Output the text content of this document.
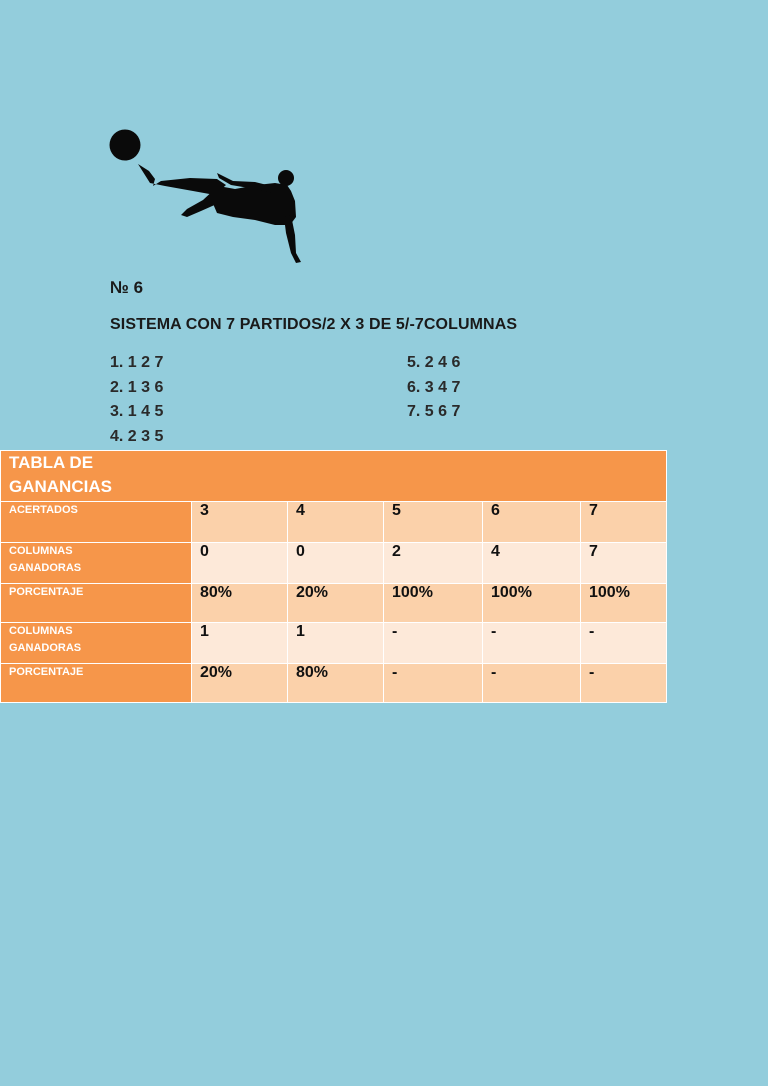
№ 6
SISTEMA CON 7 PARTIDOS/2 X 3 DE 5/-7COLUMNAS
1. 1 2 7
2. 1 3 6
3. 1 4 5
4. 2 3 5
5. 2 4 6
6. 3 4 7
7. 5 6 7
TABLA DE
GANANCIAS					

ACERTADOS	3	4	5	6	7

COLUMNAS
GANADORAS	0	0	2	4	7

PORCENTAJE	80%	20%	100%	100%	100%

COLUMNAS
GANADORAS	1	1	-	-	-

PORCENTAJE	20%	80%	-	-	-
